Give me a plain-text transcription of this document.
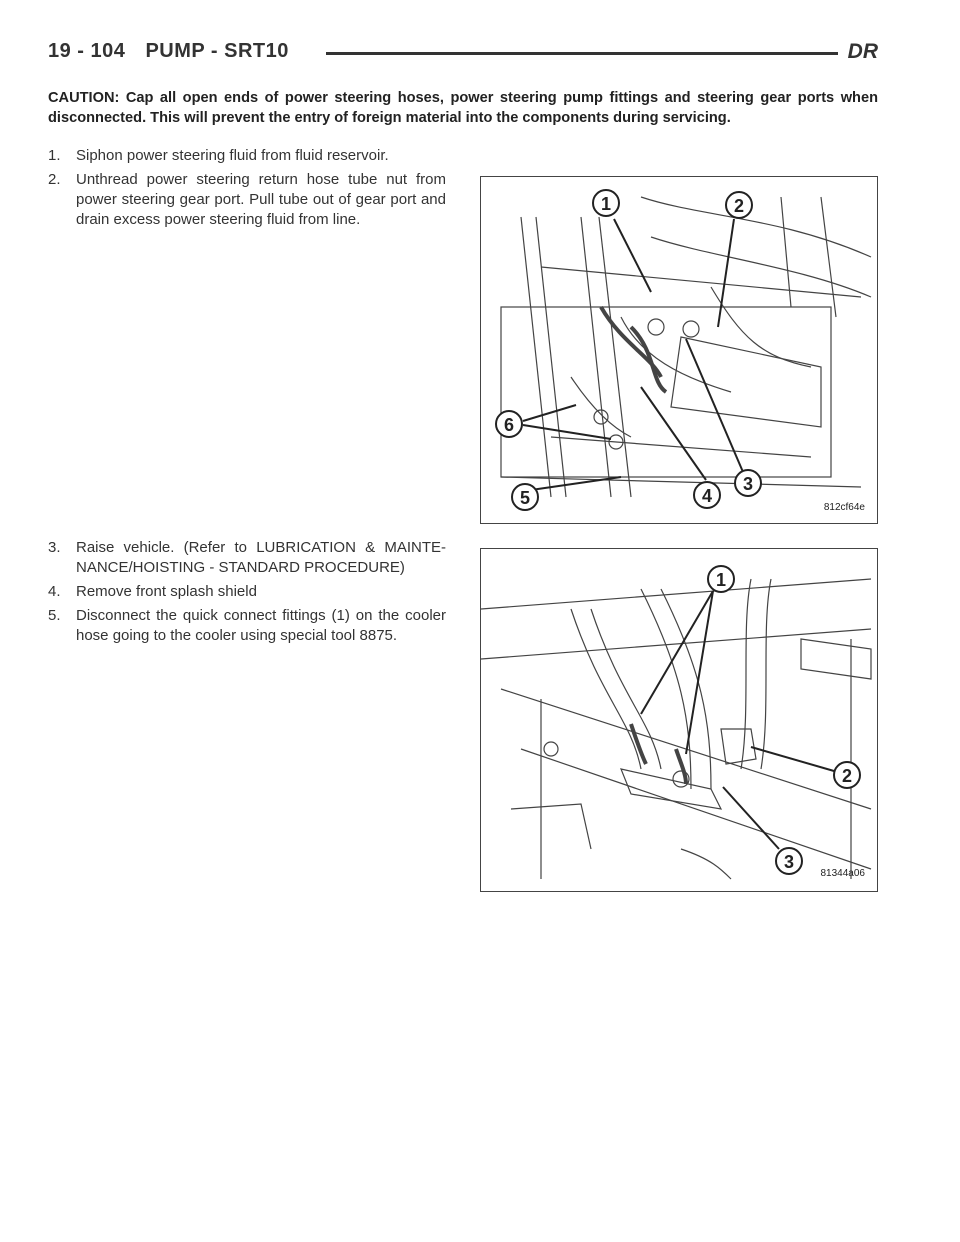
19 - 104 PUMP - SRT10	DR
CAUTION: Cap all open ends of power steering hoses, power steering pump fittings and steering gear ports when disconnected. This will prevent the entry of foreign material into the components during servicing.
1.	Siphon power steering fluid from fluid reservoir.
2.	Unthread power steering return hose tube nut from power steering gear port. Pull tube out of gear port and drain excess power steering fluid from line.
3.	Raise vehicle. (Refer to LUBRICATION & MAINTE-NANCE/HOISTING - STANDARD PROCEDURE)
4.	Remove front splash shield
5.	Disconnect the quick connect fittings (1) on the cooler hose going to the cooler using special tool 8875.
1	2
3
4
5
6
812cf64e
1
2
3
81344a06
